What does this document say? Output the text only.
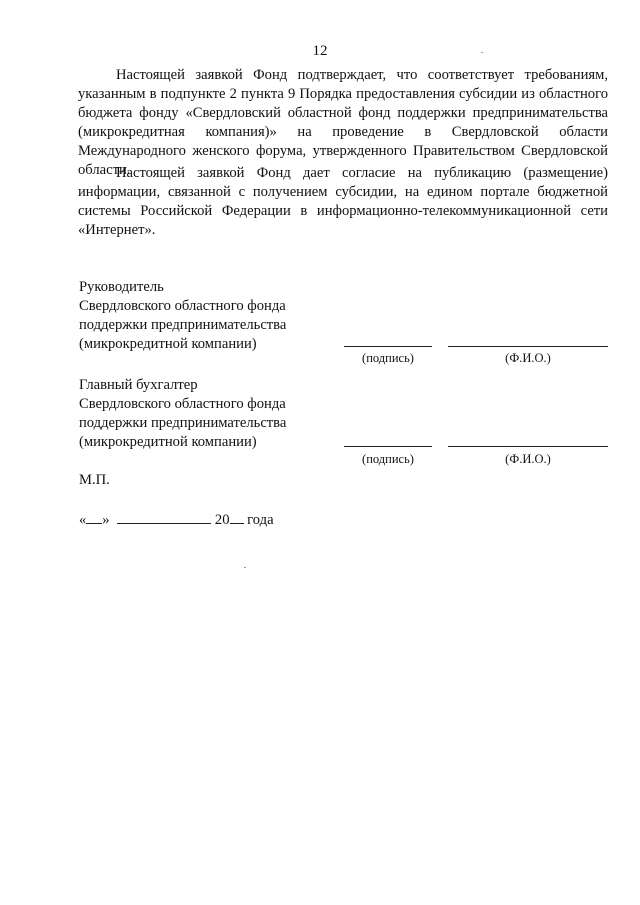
12

Настоящей заявкой Фонд подтверждает, что соответствует требованиям, указанным в подпункте 2 пункта 9 Порядка предоставления субсидии из областного бюджета фонду «Свердловский областной фонд поддержки предпринимательства (микрокредитная компания)» на проведение в Свердловской области Международного женского форума, утвержденного Правительством Свердловской области.

Настоящей заявкой Фонд дает согласие на публикацию (размещение) информации, связанной с получением субсидии, на едином портале бюджетной системы Российской Федерации в информационно-телекоммуникационной сети «Интернет».

Руководитель
Свердловского областного фонда
поддержки предпринимательства
(микрокредитной компании)
(подпись)	(Ф.И.О.)
Главный бухгалтер
Свердловского областного фонда
поддержки предпринимательства
(микрокредитной компании)
(подпись)	(Ф.И.О.)
М.П.
« »	20 года
